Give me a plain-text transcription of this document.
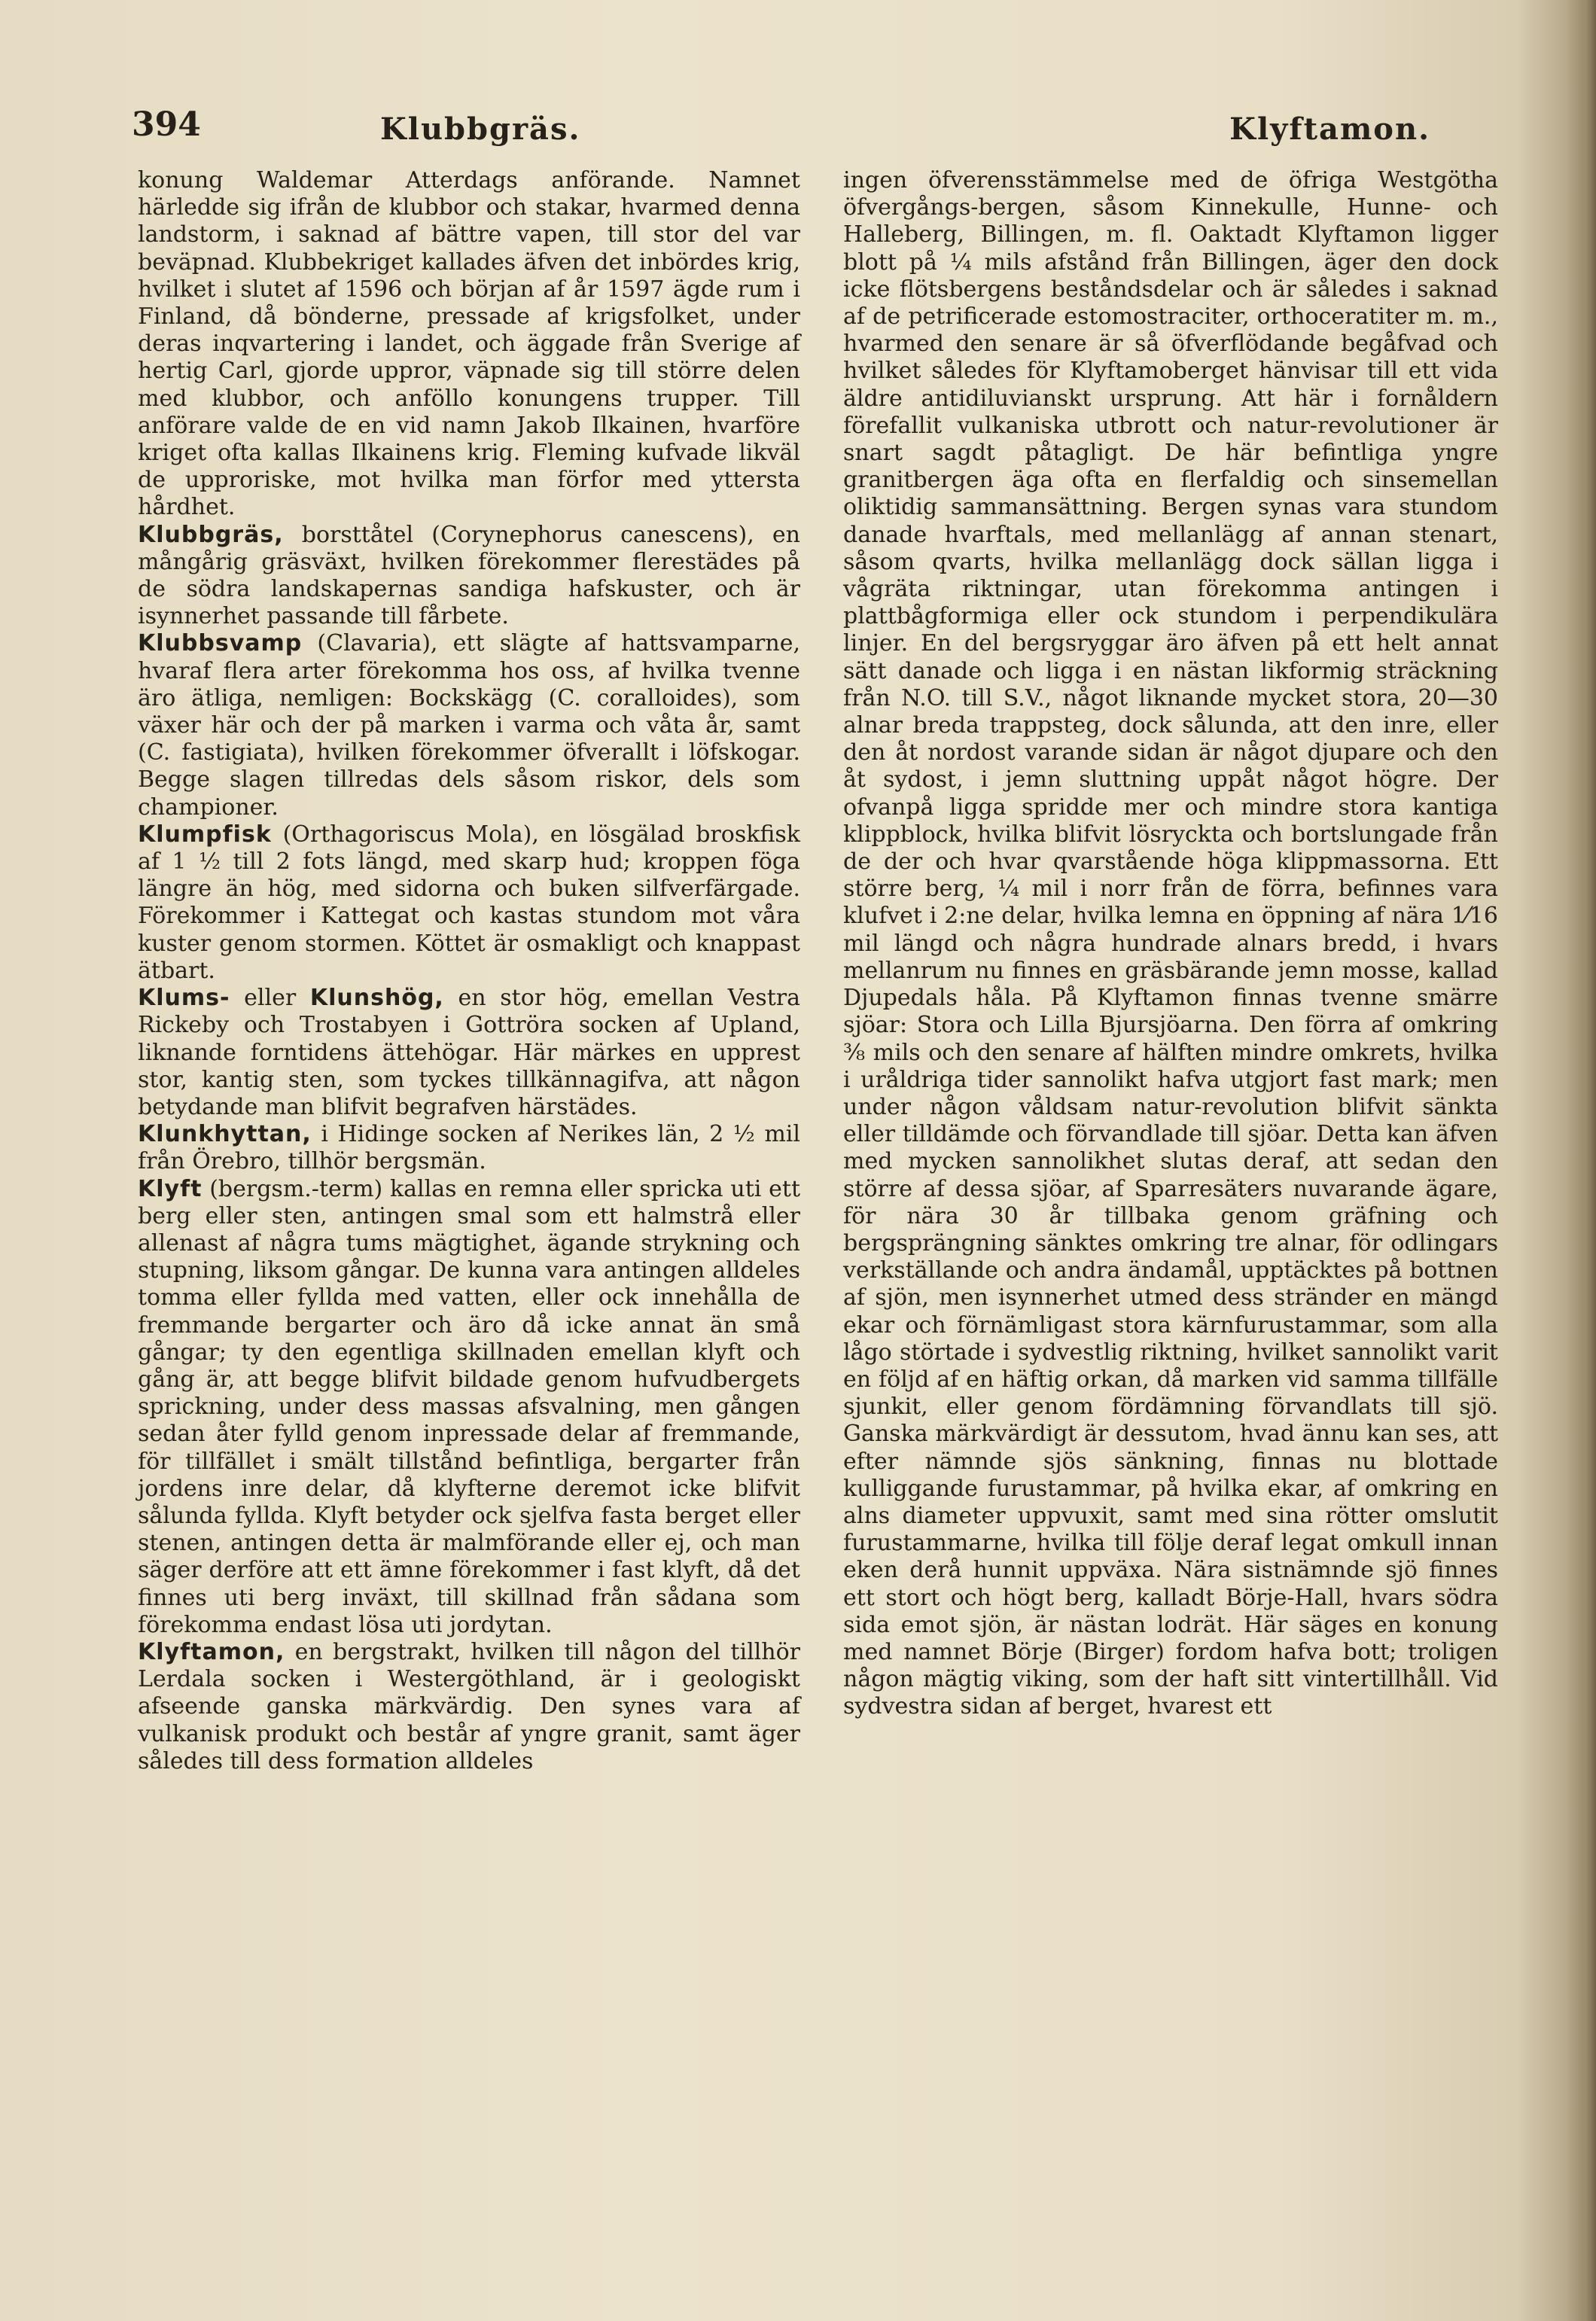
394	Klubbgräs.	Klyftamon.

konung Waldemar Atterdags anförande. Namnet härledde sig ifrån de klubbor och stakar, hvarmed denna landstorm, i saknad af bättre vapen, till stor del var beväpnad. Klubbekriget kallades äfven det inbördes krig, hvilket i slutet af 1596 och början af år 1597 ägde rum i Finland, då bönderne, pressade af krigsfolket, under deras inqvartering i landet, och äggade från Sverige af hertig Carl, gjorde uppror, väpnade sig till större delen med klubbor, och anföllo konungens trupper. Till anförare valde de en vid namn Jakob Ilkainen, hvarföre kriget ofta kallas Ilkainens krig. Fleming kufvade likväl de upproriske, mot hvilka man förfor med yttersta hårdhet.

Klubbgräs, borsttåtel (Corynephorus canescens), en mångårig gräsväxt, hvilken förekommer flerestädes på de södra landskapernas sandiga hafskuster, och är isynnerhet passande till fårbete.

Klubbsvamp (Clavaria), ett slägte af hattsvamparne, hvaraf flera arter förekomma hos oss, af hvilka tvenne äro ätliga, nemligen: Bockskägg (C. coralloides), som växer här och der på marken i varma och våta år, samt (C. fastigiata), hvilken förekommer öfverallt i löfskogar. Begge slagen tillredas dels såsom riskor, dels som championer.

Klumpfisk (Orthagoriscus Mola), en lösgälad broskfisk af 1 ½ till 2 fots längd, med skarp hud; kroppen föga längre än hög, med sidorna och buken silfverfärgade. Förekommer i Kattegat och kastas stundom mot våra kuster genom stormen. Köttet är osmakligt och knappast ätbart.

Klums- eller Klunshög, en stor hög, emellan Vestra Rickeby och Trostabyen i Gottröra socken af Upland, liknande forntidens ättehögar. Här märkes en upprest stor, kantig sten, som tyckes tillkännagifva, att någon betydande man blifvit begrafven härstädes.

Klunkhyttan, i Hidinge socken af Nerikes län, 2 ½ mil från Örebro, tillhör bergsmän.

Klyft (bergsm.-term) kallas en remna eller spricka uti ett berg eller sten, antingen smal som ett halmstrå eller allenast af några tums mägtighet, ägande strykning och stupning, liksom gångar. De kunna vara antingen alldeles tomma eller fyllda med vatten, eller ock innehålla de fremmande bergarter och äro då icke annat än små gångar; ty den egentliga skillnaden emellan klyft och gång är, att begge blifvit bildade genom hufvudbergets sprickning, under dess massas afsvalning, men gången sedan åter fylld genom inpressade delar af fremmande, för tillfället i smält tillstånd befintliga, bergarter från jordens inre delar, då klyfterne deremot icke blifvit sålunda fyllda. Klyft betyder ock sjelfva fasta berget eller stenen, antingen detta är malmförande eller ej, och man säger derföre att ett ämne förekommer i fast klyft, då det finnes uti berg inväxt, till skillnad från sådana som förekomma endast lösa uti jordytan.

Klyftamon, en bergstrakt, hvilken till någon del tillhör Lerdala socken i Westergöthland, är i geologiskt afseende ganska märkvärdig. Den synes vara af vulkanisk produkt och består af yngre granit, samt äger således till dess formation alldeles

ingen öfverensstämmelse med de öfriga Westgötha öfvergångs-bergen, såsom Kinnekulle, Hunne- och Halleberg, Billingen, m. fl. Oaktadt Klyftamon ligger blott på ¼ mils afstånd från Billingen, äger den dock icke flötsbergens beståndsdelar och är således i saknad af de petrificerade estomostraciter, orthoceratiter m. m., hvarmed den senare är så öfverflödande begåfvad och hvilket således för Klyftamoberget hänvisar till ett vida äldre antidiluvianskt ursprung. Att här i fornåldern förefallit vulkaniska utbrott och natur-revolutioner är snart sagdt påtagligt. De här befintliga yngre granitbergen äga ofta en flerfaldig och sinsemellan oliktidig sammansättning. Bergen synas vara stundom danade hvarftals, med mellanlägg af annan stenart, såsom qvarts, hvilka mellanlägg dock sällan ligga i vågräta riktningar, utan förekomma antingen i plattbågformiga eller ock stundom i perpendikulära linjer. En del bergsryggar äro äfven på ett helt annat sätt danade och ligga i en nästan likformig sträckning från N.O. till S.V., något liknande mycket stora, 20—30 alnar breda trappsteg, dock sålunda, att den inre, eller den åt nordost varande sidan är något djupare och den åt sydost, i jemn sluttning uppåt något högre. Der ofvanpå ligga spridde mer och mindre stora kantiga klippblock, hvilka blifvit lösryckta och bortslungade från de der och hvar qvarstående höga klippmassorna. Ett större berg, ¼ mil i norr från de förra, befinnes vara klufvet i 2:ne delar, hvilka lemna en öppning af nära 1⁄16 mil längd och några hundrade alnars bredd, i hvars mellanrum nu finnes en gräsbärande jemn mosse, kallad Djupedals håla. På Klyftamon finnas tvenne smärre sjöar: Stora och Lilla Bjursjöarna. Den förra af omkring ⅜ mils och den senare af hälften mindre omkrets, hvilka i uråldriga tider sannolikt hafva utgjort fast mark; men under någon våldsam natur-revolution blifvit sänkta eller tilldämde och förvandlade till sjöar. Detta kan äfven med mycken sannolikhet slutas deraf, att sedan den större af dessa sjöar, af Sparresäters nuvarande ägare, för nära 30 år tillbaka genom gräfning och bergsprängning sänktes omkring tre alnar, för odlingars verkställande och andra ändamål, upptäcktes på bottnen af sjön, men isynnerhet utmed dess stränder en mängd ekar och förnämligast stora kärnfurustammar, som alla lågo störtade i sydvestlig riktning, hvilket sannolikt varit en följd af en häftig orkan, då marken vid samma tillfälle sjunkit, eller genom fördämning förvandlats till sjö. Ganska märkvärdigt är dessutom, hvad ännu kan ses, att efter nämnde sjös sänkning, finnas nu blottade kulliggande furustammar, på hvilka ekar, af omkring en alns diameter uppvuxit, samt med sina rötter omslutit furustammarne, hvilka till följe deraf legat omkull innan eken derå hunnit uppväxa. Nära sistnämnde sjö finnes ett stort och högt berg, kalladt Börje-Hall, hvars södra sida emot sjön, är nästan lodrät. Här säges en konung med namnet Börje (Birger) fordom hafva bott; troligen någon mägtig viking, som der haft sitt vintertillhåll. Vid sydvestra sidan af berget, hvarest ett
